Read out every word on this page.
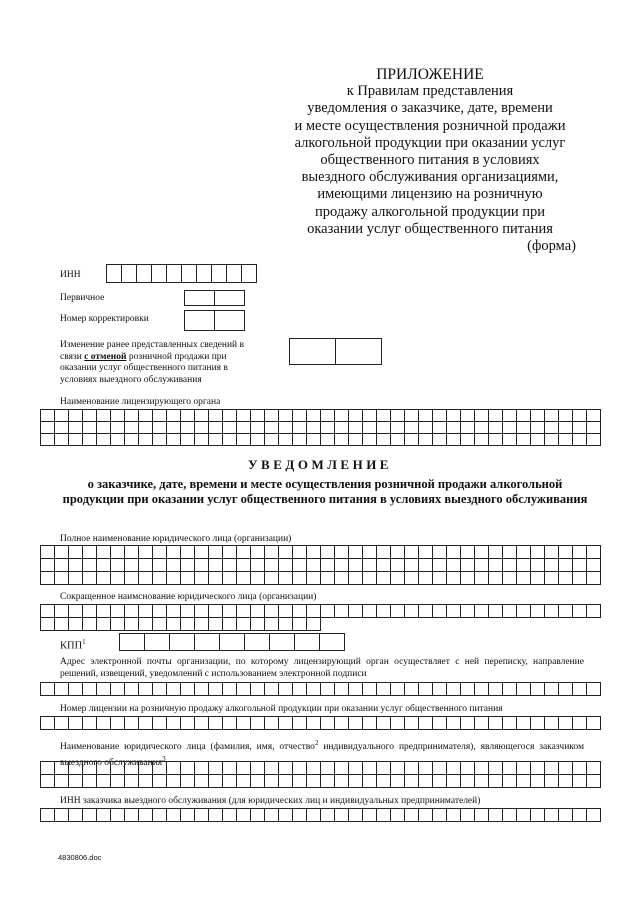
ПРИЛОЖЕНИЕ
к Правилам представления
уведомления о заказчике, дате, времени
и месте осуществления розничной продажи
алкогольной продукции при оказании услуг
общественного питания в условиях
выездного обслуживания организациями,
имеющими лицензию на розничную
продажу алкогольной продукции при
оказании услуг общественного питания
(форма)
ИНН
Первичное
Номер корректировки
Изменение ранее представленных сведений в связи с отменой розничной продажи при оказании услуг общественного питания в условиях выездного обслуживания
Наименование лицензирующего органа
УВЕДОМЛЕНИЕ
о заказчике, дате, времени и месте осуществления розничной продажи алкогольной продукции при оказании услуг общественного питания в условиях выездного обслуживания
Полное наименование юридического лица (организации)
Сокращенное наимснование юридического лица (организации)
КПП$^1$
Адрес электронной почты организации, по которому лицензирующий орган осуществляет с ней переписку, направление решений, извещений, уведомлений с использованием электронной подписи
Номер лицензии на розничную продажу алкогольной продукции при оказании услуг общественного питания
Наименование юридического лица (фамилия, имя, отчество$^2$ индивидуального предпринимателя), являющегося заказчиком выездного обслуживания$^3$
ИНН заказчика выездного обслуживания (для юридических лиц и индивидуальных предпринимателей)
4830806.doc
